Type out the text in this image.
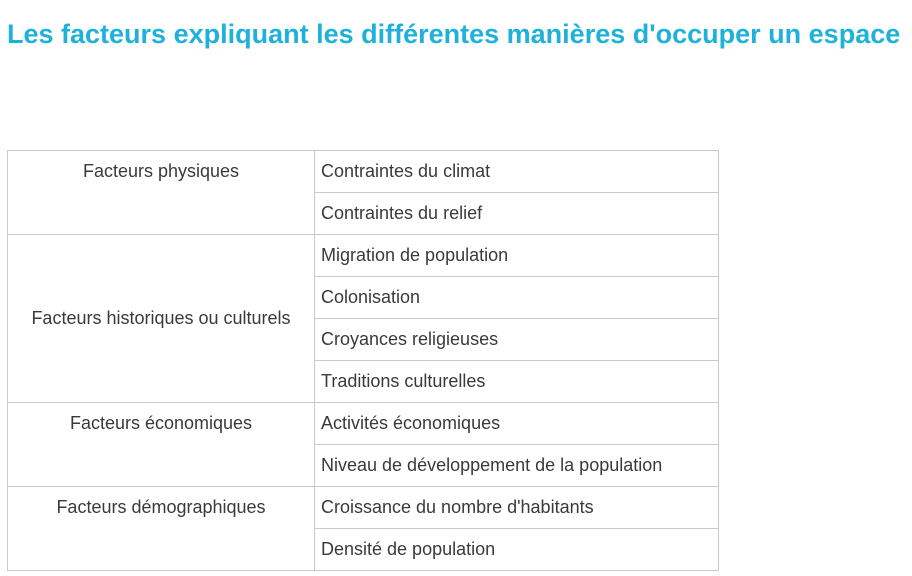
Les facteurs expliquant les différentes manières d'occuper un espace
Facteurs physiques	Contraintes du climat
	Contraintes du relief
Facteurs historiques ou culturels	Migration de population
	Colonisation
	Croyances religieuses
	Traditions culturelles
Facteurs économiques	Activités économiques
	Niveau de développement de la population
Facteurs démographiques	Croissance du nombre d'habitants
	Densité de population
